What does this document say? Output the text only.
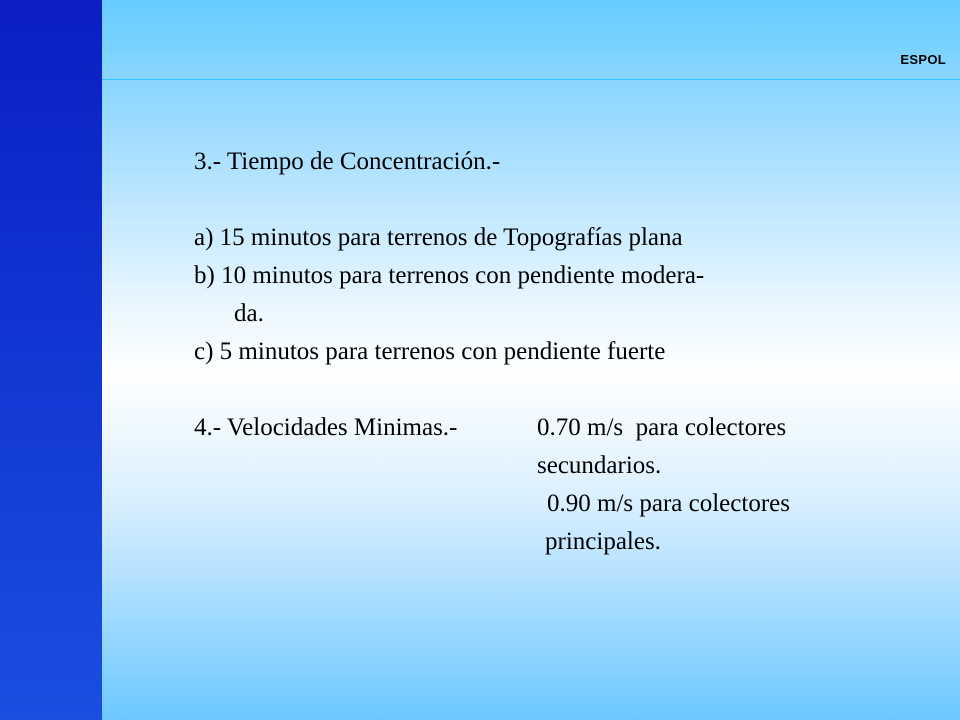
ESPOL
3.- Tiempo de Concentración.-
a) 15 minutos para terrenos de Topografías plana
b) 10 minutos para terrenos con pendiente modera-
da.
c) 5 minutos para terrenos con pendiente fuerte
4.- Velocidades Minimas.-	0.70 m/s  para colectores
secundarios.
0.90 m/s para colectores
principales.
